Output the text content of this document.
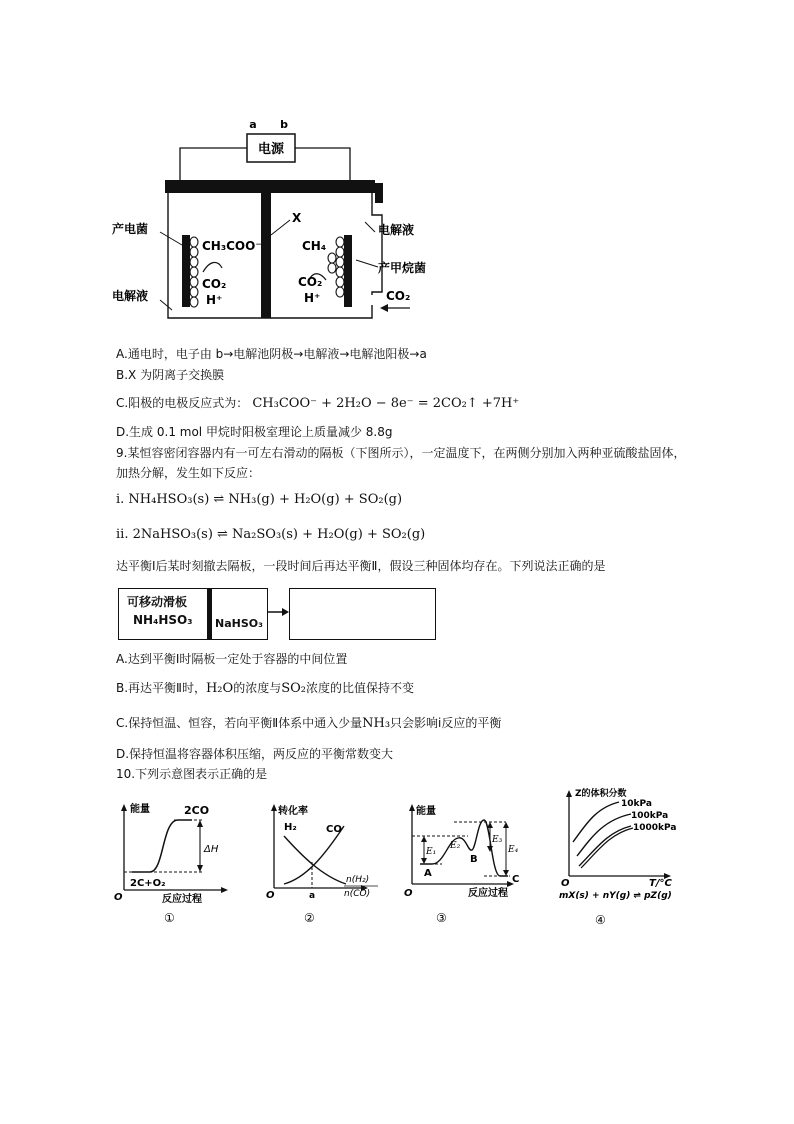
电源
a b
产电菌
电解液
X
电解液
产甲烷菌
CO₂
CH₃COO⁻
CO₂
H⁺
CH₄
CO₂
H⁺
A.通电时，电子由 b→电解池阴极→电解液→电解池阳极→a
B.X 为阴离子交换膜
C.阳极的电极反应式为： CH₃COO⁻ + 2H₂O − 8e⁻ = 2CO₂↑ +7H⁺
D.生成 0.1 mol 甲烷时阳极室理论上质量减少 8.8g
9.某恒容密闭容器内有一可左右滑动的隔板（下图所示），一定温度下，在两侧分别加入两种亚硫酸盐固体，
加热分解，发生如下反应：
ⅰ. NH₄HSO₃(s) ⇌ NH₃(g) + H₂O(g) + SO₂(g)
ⅱ. 2NaHSO₃(s) ⇌ Na₂SO₃(s) + H₂O(g) + SO₂(g)
达平衡Ⅰ后某时刻撤去隔板，一段时间后再达平衡Ⅱ，假设三种固体均存在。下列说法正确的是
可移动滑板
NH₄HSO₃ NaHSO₃
A.达到平衡Ⅰ时隔板一定处于容器的中间位置
B.再达平衡Ⅱ时，H₂O的浓度与SO₂浓度的比值保持不变
C.保持恒温、恒容，若向平衡Ⅱ体系中通入少量NH₃只会影响ⅰ反应的平衡
D.保持恒温将容器体积压缩，两反应的平衡常数变大
10.下列示意图表示正确的是
能量	2CO
2C+O₂
ΔH
O	反应过程
①
转化率
H₂	CO
O	a
n(H₂)
n(CO)
②
能量
E₁
E₂
E₃
E₄
A
B
C
O	反应过程
③
Z的体积分数
10kPa
100kPa
1000kPa
O	T/°C
mX(s) + nY(g) ⇌ pZ(g)
④
